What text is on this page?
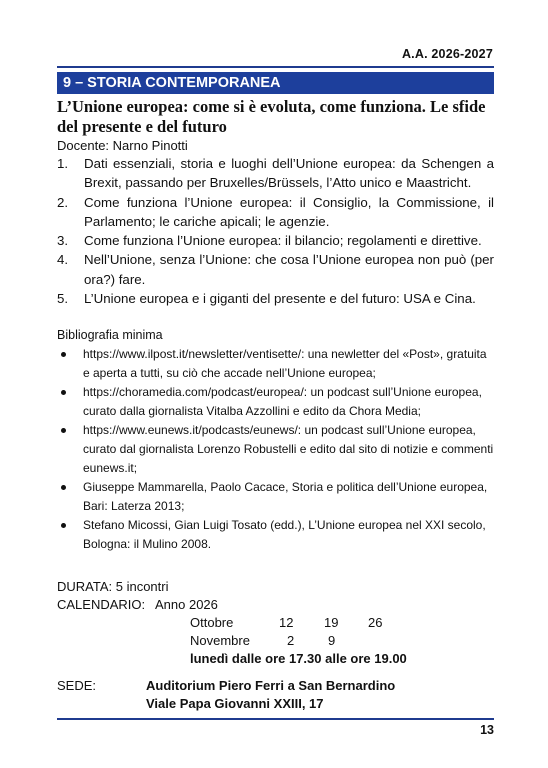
A.A. 2026-2027
9 – STORIA CONTEMPORANEA
L’Unione europea: come si è evoluta, come funziona. Le sfide del presente e del futuro
Docente: Narno Pinotti
1. Dati essenziali, storia e luoghi dell’Unione europea: da Schengen a Brexit, passando per Bruxelles/Brüssels, l’Atto unico e Maastricht.
2. Come funziona l’Unione europea: il Consiglio, la Commissione, il Parlamento; le cariche apicali; le agenzie.
3. Come funziona l’Unione europea: il bilancio; regolamenti e direttive.
4. Nell’Unione, senza l’Unione: che cosa l’Unione europea non può (per ora?) fare.
5. L’Unione europea e i giganti del presente e del futuro: USA e Cina.
Bibliografia minima
https://www.ilpost.it/newsletter/ventisette/: una newletter del «Post», gratuita e aperta a tutti, su ciò che accade nell’Unione europea;
https://choramedia.com/podcast/europea/: un podcast sull’Unione europea, curato dalla giornalista Vitalba Azzollini e edito da Chora Media;
https://www.eunews.it/podcasts/eunews/: un podcast sull’Unione europea, curato dal giornalista Lorenzo Robustelli e edito dal sito di notizie e commenti eunews.it;
Giuseppe Mammarella, Paolo Cacace, Storia e politica dell’Unione europea, Bari: Laterza 2013;
Stefano Micossi, Gian Luigi Tosato (edd.), L’Unione europea nel XXI secolo, Bologna: il Mulino 2008.
DURATA: 5 incontri
CALENDARIO: Anno 2026
Ottobre	12 19 26
Novembre	2	9
lunedì dalle ore 17.30 alle ore 19.00
SEDE:	Auditorium Piero Ferri a San Bernardino
Viale Papa Giovanni XXIII, 17
13
